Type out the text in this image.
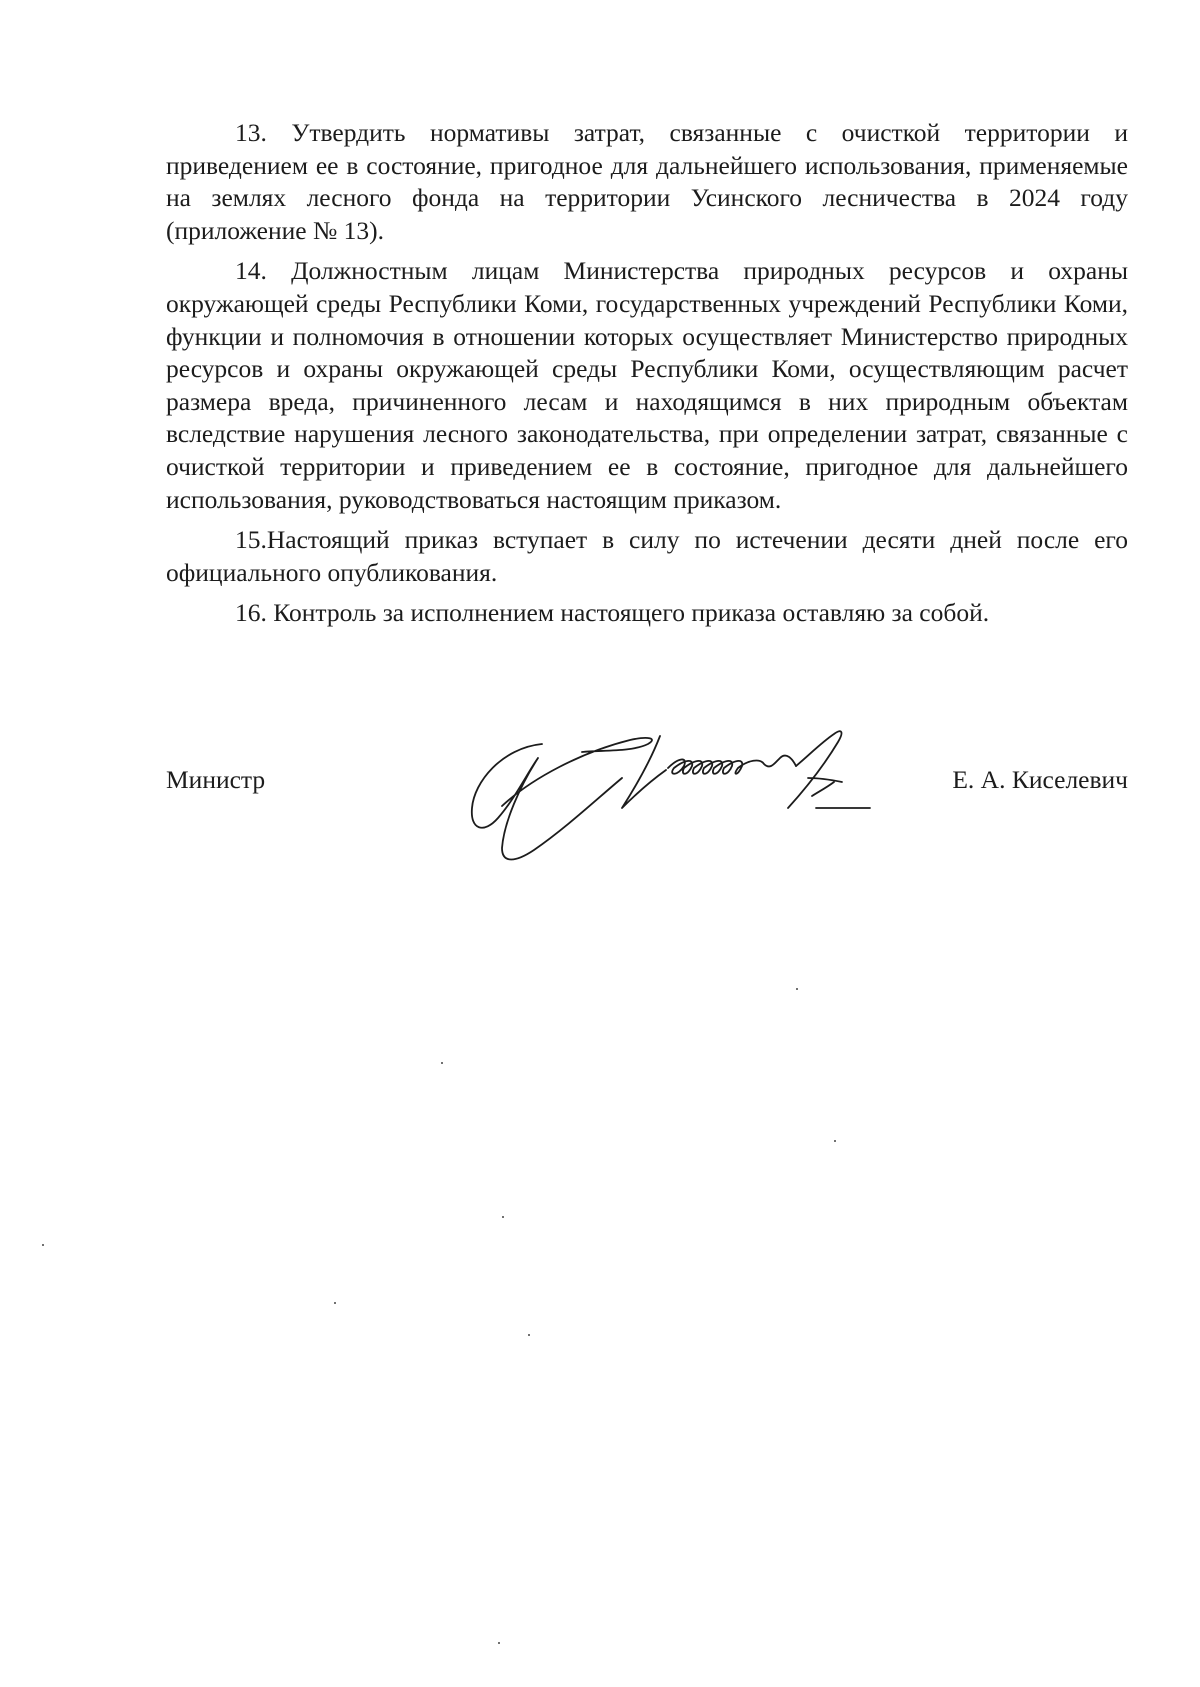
13. Утвердить нормативы затрат, связанные с очисткой территории и приведением ее в состояние, пригодное для дальнейшего использования, применяемые на землях лесного фонда на территории Усинского лесничества в 2024 году (приложение № 13).

14. Должностным лицам Министерства природных ресурсов и охраны окружающей среды Республики Коми, государственных учреждений Республики Коми, функции и полномочия в отношении которых осуществляет Министерство природных ресурсов и охраны окружающей среды Республики Коми, осуществляющим расчет размера вреда, причиненного лесам и находящимся в них природным объектам вследствие нарушения лесного законодательства, при определении затрат, связанные с очисткой территории и приведением ее в состояние, пригодное для дальнейшего использования, руководствоваться настоящим приказом.

15.Настоящий приказ вступает в силу по истечении десяти дней после его официального опубликования.

16. Контроль за исполнением настоящего приказа оставляю за собой.

Министр	Е. А. Киселевич
